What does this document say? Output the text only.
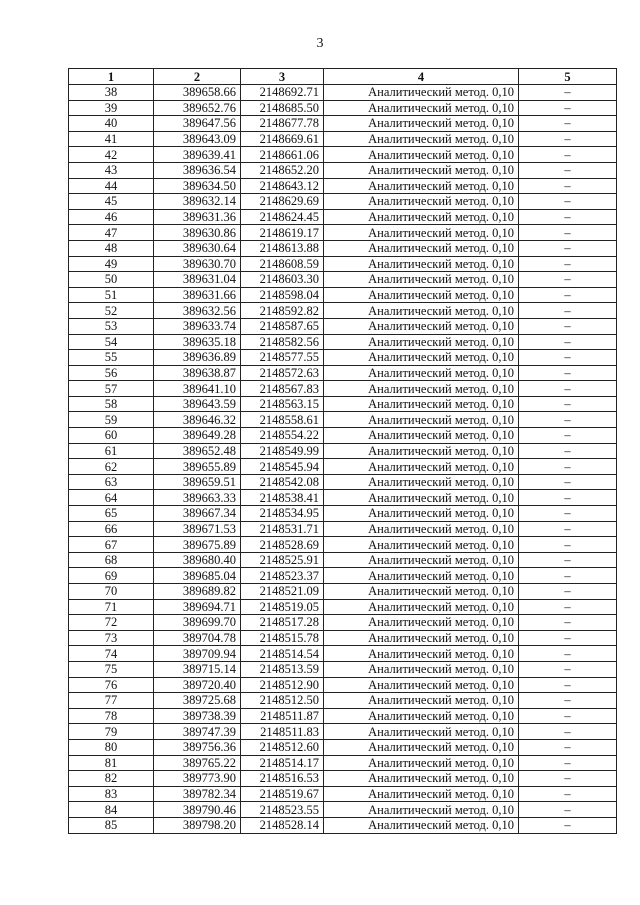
3
1	2	3	4	5
38	389658.66	2148692.71	Аналитический метод. 0,10	–
39	389652.76	2148685.50	Аналитический метод. 0,10	–
40	389647.56	2148677.78	Аналитический метод. 0,10	–
41	389643.09	2148669.61	Аналитический метод. 0,10	–
42	389639.41	2148661.06	Аналитический метод. 0,10	–
43	389636.54	2148652.20	Аналитический метод. 0,10	–
44	389634.50	2148643.12	Аналитический метод. 0,10	–
45	389632.14	2148629.69	Аналитический метод. 0,10	–
46	389631.36	2148624.45	Аналитический метод. 0,10	–
47	389630.86	2148619.17	Аналитический метод. 0,10	–
48	389630.64	2148613.88	Аналитический метод. 0,10	–
49	389630.70	2148608.59	Аналитический метод. 0,10	–
50	389631.04	2148603.30	Аналитический метод. 0,10	–
51	389631.66	2148598.04	Аналитический метод. 0,10	–
52	389632.56	2148592.82	Аналитический метод. 0,10	–
53	389633.74	2148587.65	Аналитический метод. 0,10	–
54	389635.18	2148582.56	Аналитический метод. 0,10	–
55	389636.89	2148577.55	Аналитический метод. 0,10	–
56	389638.87	2148572.63	Аналитический метод. 0,10	–
57	389641.10	2148567.83	Аналитический метод. 0,10	–
58	389643.59	2148563.15	Аналитический метод. 0,10	–
59	389646.32	2148558.61	Аналитический метод. 0,10	–
60	389649.28	2148554.22	Аналитический метод. 0,10	–
61	389652.48	2148549.99	Аналитический метод. 0,10	–
62	389655.89	2148545.94	Аналитический метод. 0,10	–
63	389659.51	2148542.08	Аналитический метод. 0,10	–
64	389663.33	2148538.41	Аналитический метод. 0,10	–
65	389667.34	2148534.95	Аналитический метод. 0,10	–
66	389671.53	2148531.71	Аналитический метод. 0,10	–
67	389675.89	2148528.69	Аналитический метод. 0,10	–
68	389680.40	2148525.91	Аналитический метод. 0,10	–
69	389685.04	2148523.37	Аналитический метод. 0,10	–
70	389689.82	2148521.09	Аналитический метод. 0,10	–
71	389694.71	2148519.05	Аналитический метод. 0,10	–
72	389699.70	2148517.28	Аналитический метод. 0,10	–
73	389704.78	2148515.78	Аналитический метод. 0,10	–
74	389709.94	2148514.54	Аналитический метод. 0,10	–
75	389715.14	2148513.59	Аналитический метод. 0,10	–
76	389720.40	2148512.90	Аналитический метод. 0,10	–
77	389725.68	2148512.50	Аналитический метод. 0,10	–
78	389738.39	2148511.87	Аналитический метод. 0,10	–
79	389747.39	2148511.83	Аналитический метод. 0,10	–
80	389756.36	2148512.60	Аналитический метод. 0,10	–
81	389765.22	2148514.17	Аналитический метод. 0,10	–
82	389773.90	2148516.53	Аналитический метод. 0,10	–
83	389782.34	2148519.67	Аналитический метод. 0,10	–
84	389790.46	2148523.55	Аналитический метод. 0,10	–
85	389798.20	2148528.14	Аналитический метод. 0,10	–
